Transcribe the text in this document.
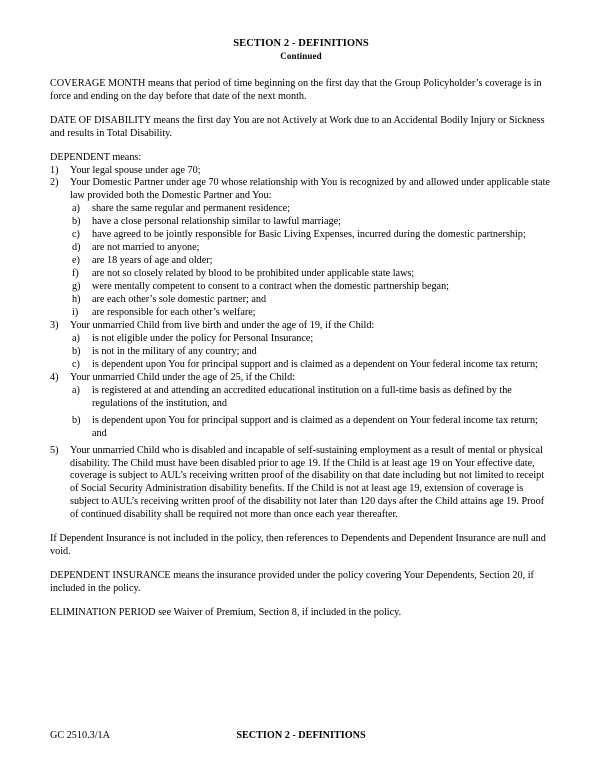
SECTION 2 - DEFINITIONS
Continued

COVERAGE MONTH means that period of time beginning on the first day that the Group Policyholder’s coverage is in force and ending on the day before that date of the next month.

DATE OF DISABILITY means the first day You are not Actively at Work due to an Accidental Bodily Injury or Sickness and results in Total Disability.

DEPENDENT means:

1)	Your legal spouse under age 70;
2)	Your Domestic Partner under age 70 whose relationship with You is recognized by and allowed under applicable state law provided both the Domestic Partner and You:
a)	share the same regular and permanent residence;
b)	have a close personal relationship similar to lawful marriage;
c)	have agreed to be jointly responsible for Basic Living Expenses, incurred during the domestic partnership;
d)	are not married to anyone;
e)	are 18 years of age and older;
f)	are not so closely related by blood to be prohibited under applicable state laws;
g)	were mentally competent to consent to a contract when the domestic partnership began;
h)	are each other’s sole domestic partner; and
i)	are responsible for each other’s welfare;
3)	Your unmarried Child from live birth and under the age of 19, if the Child:
a)	is not eligible under the policy for Personal Insurance;
b)	is not in the military of any country; and
c)	is dependent upon You for principal support and is claimed as a dependent on Your federal income tax return;
4)	Your unmarried Child under the age of 25, if the Child:
a)	is registered at and attending an accredited educational institution on a full-time basis as defined by the regulations of the institution, and
b)	is dependent upon You for principal support and is claimed as a dependent on Your federal income tax return; and
5)	Your unmarried Child who is disabled and incapable of self-sustaining employment as a result of mental or physical disability. The Child must have been disabled prior to age 19. If the Child is at least age 19 on Your effective date, coverage is subject to AUL’s receiving written proof of the disability on that date including but not limited to receipt of Social Security Administration disability benefits. If the Child is not at least age 19, extension of coverage is subject to AUL’s receiving written proof of the disability not later than 120 days after the Child attains age 19. Proof of continued disability shall be required not more than once each year thereafter.

If Dependent Insurance is not included in the policy, then references to Dependents and Dependent Insurance are null and void.

DEPENDENT INSURANCE means the insurance provided under the policy covering Your Dependents, Section 20, if included in the policy.

ELIMINATION PERIOD see Waiver of Premium, Section 8, if included in the policy.

GC 2510.3/1A	SECTION 2 - DEFINITIONS
